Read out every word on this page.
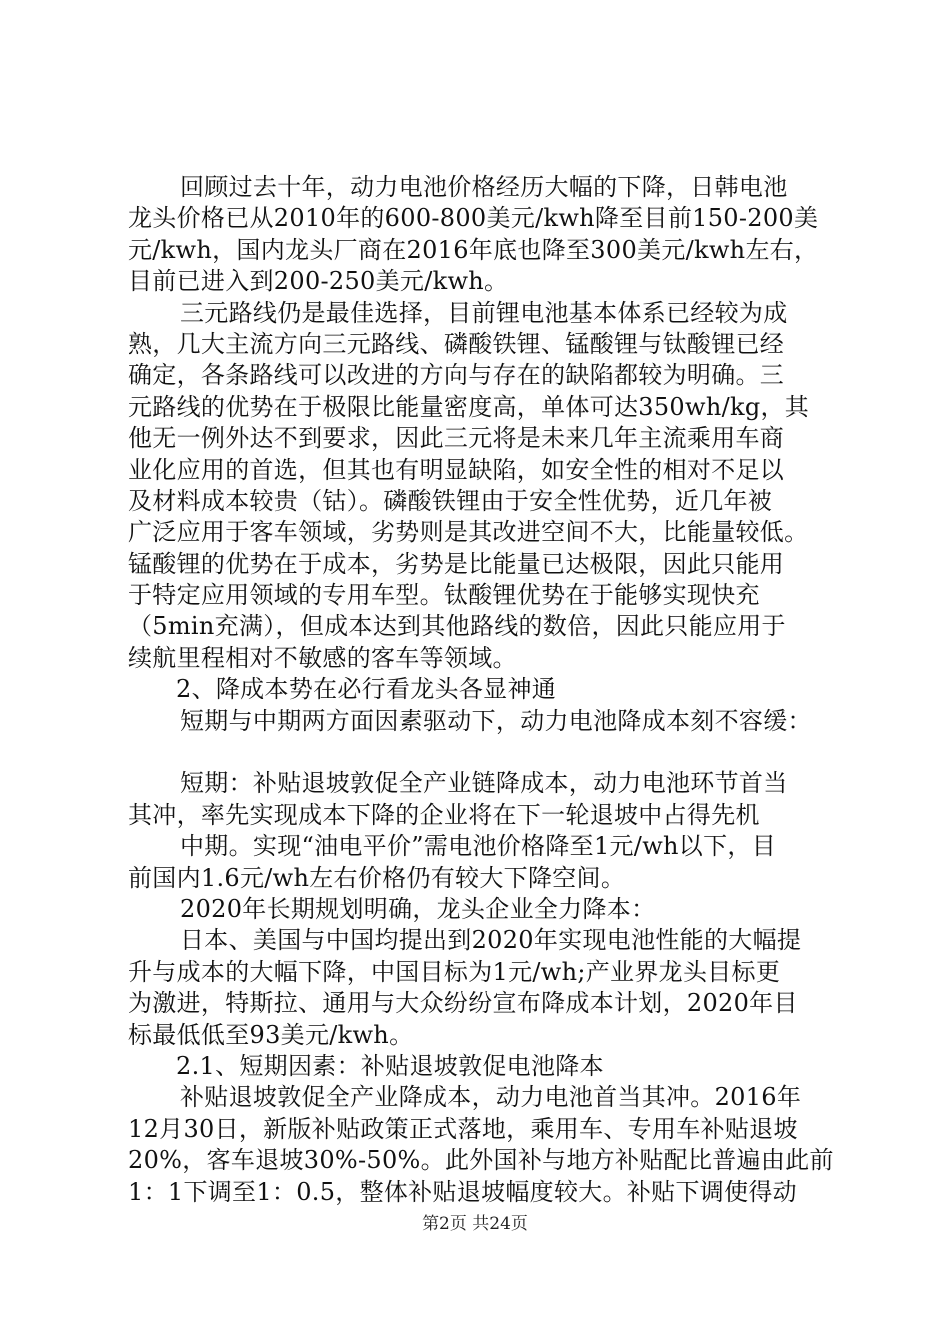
回顾过去十年，动力电池价格经历大幅的下降，日韩电池
龙头价格已从2010年的600-800美元/kwh降至目前150-200美
元/kwh，国内龙头厂商在2016年底也降至300美元/kwh左右，
目前已进入到200-250美元/kwh。
三元路线仍是最佳选择，目前锂电池基本体系已经较为成
熟，几大主流方向三元路线、磷酸铁锂、锰酸锂与钛酸锂已经
确定，各条路线可以改进的方向与存在的缺陷都较为明确。三
元路线的优势在于极限比能量密度高，单体可达350wh/kg，其
他无一例外达不到要求，因此三元将是未来几年主流乘用车商
业化应用的首选，但其也有明显缺陷，如安全性的相对不足以
及材料成本较贵（钴）。磷酸铁锂由于安全性优势，近几年被
广泛应用于客车领域，劣势则是其改进空间不大，比能量较低。
锰酸锂的优势在于成本，劣势是比能量已达极限，因此只能用
于特定应用领域的专用车型。钛酸锂优势在于能够实现快充
（5min充满），但成本达到其他路线的数倍，因此只能应用于
续航里程相对不敏感的客车等领域。
2、降成本势在必行看龙头各显神通
短期与中期两方面因素驱动下，动力电池降成本刻不容缓：
短期：补贴退坡敦促全产业链降成本，动力电池环节首当
其冲，率先实现成本下降的企业将在下一轮退坡中占得先机
中期。实现“油电平价”需电池价格降至1元/wh以下，目
前国内1.6元/wh左右价格仍有较大下降空间。
2020年长期规划明确，龙头企业全力降本：
日本、美国与中国均提出到2020年实现电池性能的大幅提
升与成本的大幅下降，中国目标为1元/wh;产业界龙头目标更
为激进，特斯拉、通用与大众纷纷宣布降成本计划，2020年目
标最低低至93美元/kwh。
2.1、短期因素：补贴退坡敦促电池降本
补贴退坡敦促全产业降成本，动力电池首当其冲。2016年
12月30日，新版补贴政策正式落地，乘用车、专用车补贴退坡
20%，客车退坡30%-50%。此外国补与地方补贴配比普遍由此前
1：1下调至1：0.5，整体补贴退坡幅度较大。补贴下调使得动
第2页 共24页
